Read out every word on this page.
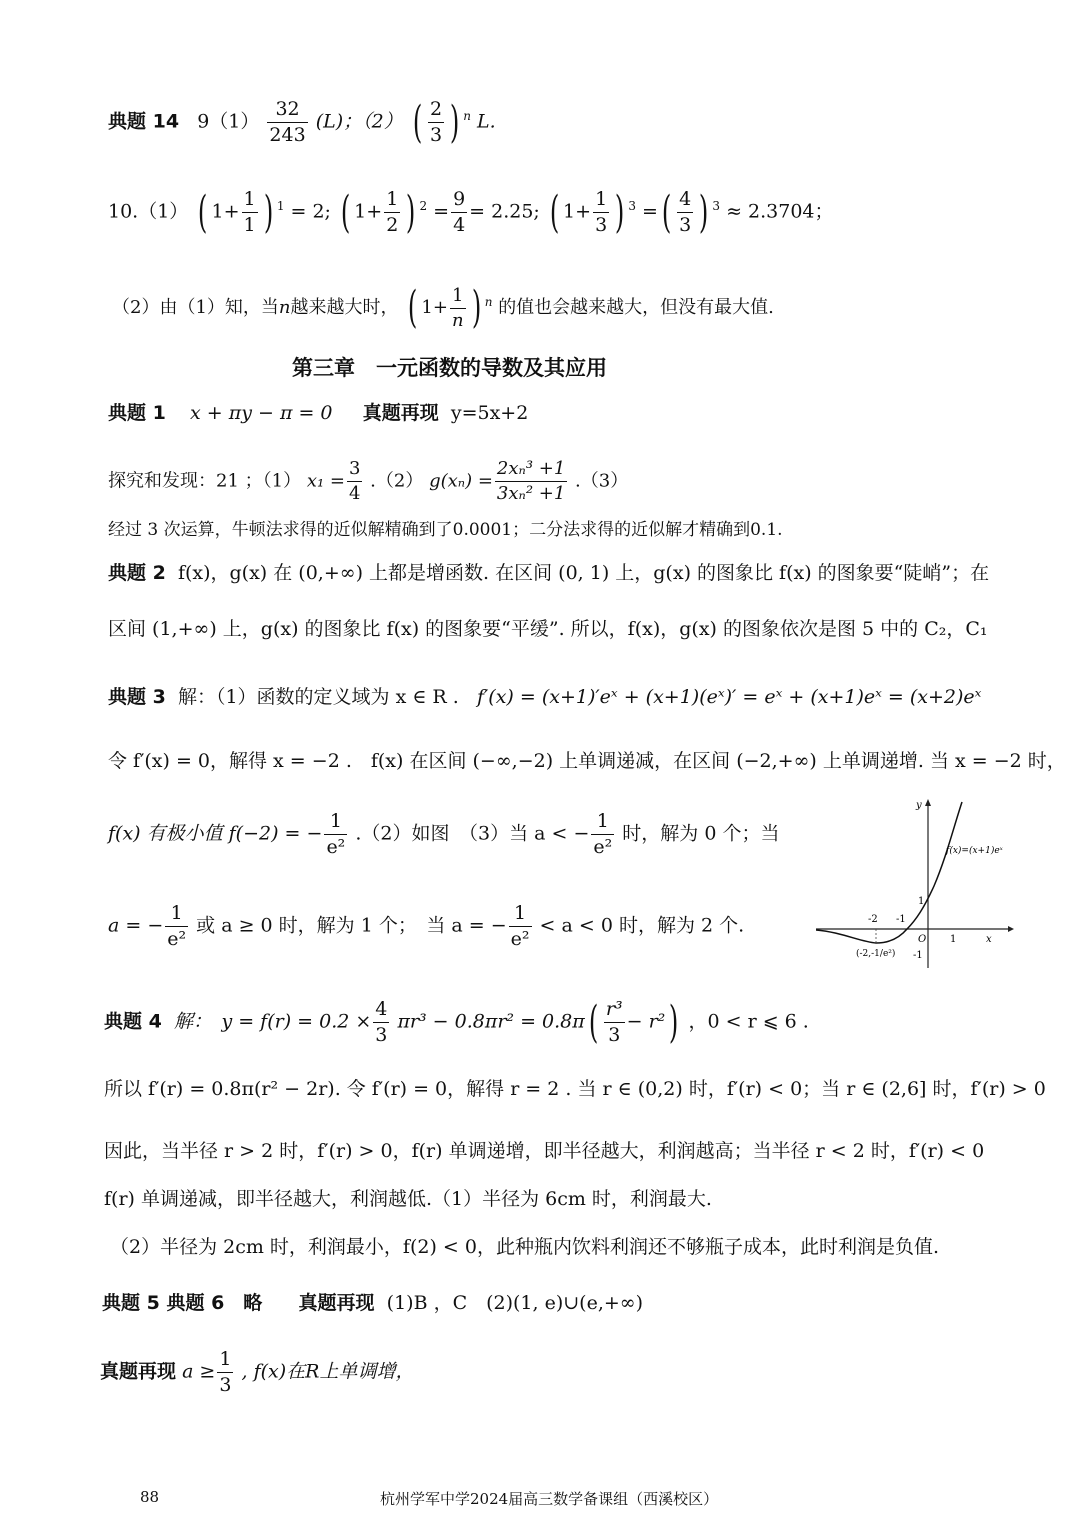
典题 14 $9(1) \frac{32}{243} (L)$；（2） ( $\frac{2}{3}$ ) $^n$ L.
10.（1） ( $1+ \frac{1}{1}$ ) $^1$ = 2; ( $1+ \frac{1}{2}$ ) $^2 = \frac{9}{4} = 2.25$; ( $1+ \frac{1}{3}$ ) $^3$ =( $\frac{4}{3}$ ) $^3$ ≈ 2.3704；
（2）由（1）知，当n越来越大时， ( $1+ \frac{1}{n}$ ) $^n$ 的值也会越来越大，但没有最大值.
第三章　一元函数的导数及其应用
典题 1 x + πy − π = 0 真题再现 y=5x+2
探究和发现：21 ；（1） $x_1 = \frac{3}{4} .(2) g(x_n) = \frac{\text{2xₙ³ +1}}{\text{3xₙ² +1}} .(3)$
经过 3 次运算，牛顿法求得的近似解精确到了0.0001；二分法求得的近似解才精确到0.1.
典题 2 f(x)，g(x) 在 (0,+∞) 上都是增函数. 在区间 (0, 1) 上，g(x) 的图象比 f(x) 的图象要“陡峭”；在
区间 (1,+∞) 上，g(x) 的图象比 f(x) 的图象要“平缓”. 所以，f(x)，g(x) 的图象依次是图 5 中的 C₂，C₁
典题 3 解：（1）函数的定义域为 x ∈ R . f′(x) = (x+1)′eˣ + (x+1)(eˣ)′ = eˣ + (x+1)eˣ = (x+2)eˣ
令 f′(x) = 0，解得 x = −2 .　f(x) 在区间 (−∞,−2) 上单调递减，在区间 (−2,+∞) 上单调递增. 当 x = −2 时，
f(x) 有极小值 f(−2) = − $\frac{1}{\text{e²}} .(2)$如图　（3）当 a < − $\frac{1}{\text{e²}}$ 时，解为 0 个；当
a = − $\frac{1}{\text{e²}}$ 或 a ≥ 0 时，解为 1 个；　当 a = − $\frac{1}{\text{e²}} < a < 0$ 时，解为 2 个.
y
x
O
-2 -1
1
1
-1
(-2,-1/e²)
f(x)=(x+1)eˣ
典题 4 解：　$y = f(r) = 0.2 \times \frac{4}{3} \pi r^3 - 0.8\pi r^2 = 0.8\pi( \frac{\text{r³}}{3} - r^2)$ ，0 < r ⩽ 6 .
所以 f′(r) = 0.8π(r² − 2r). 令 f′(r) = 0，解得 r = 2 . 当 r ∈ (0,2) 时，f′(r) < 0；当 r ∈ (2,6] 时，f′(r) > 0
因此，当半径 r > 2 时，f′(r) > 0，f(r) 单调递增，即半径越大，利润越高；当半径 r < 2 时，f′(r) < 0
f(r) 单调递减，即半径越大，利润越低.（1）半径为 6cm 时，利润最大.
（2）半径为 2cm 时，利润最小，f(2) < 0，此种瓶内饮料利润还不够瓶子成本，此时利润是负值.
典题 5 典题 6　略 真题再现 (1)B ，C　(2)(1, e)∪(e,+∞)
真题再现 $a \ge \frac{1}{3}$ , f(x)在R上单调增，
88	杭州学军中学2024届高三数学备课组（西溪校区）
